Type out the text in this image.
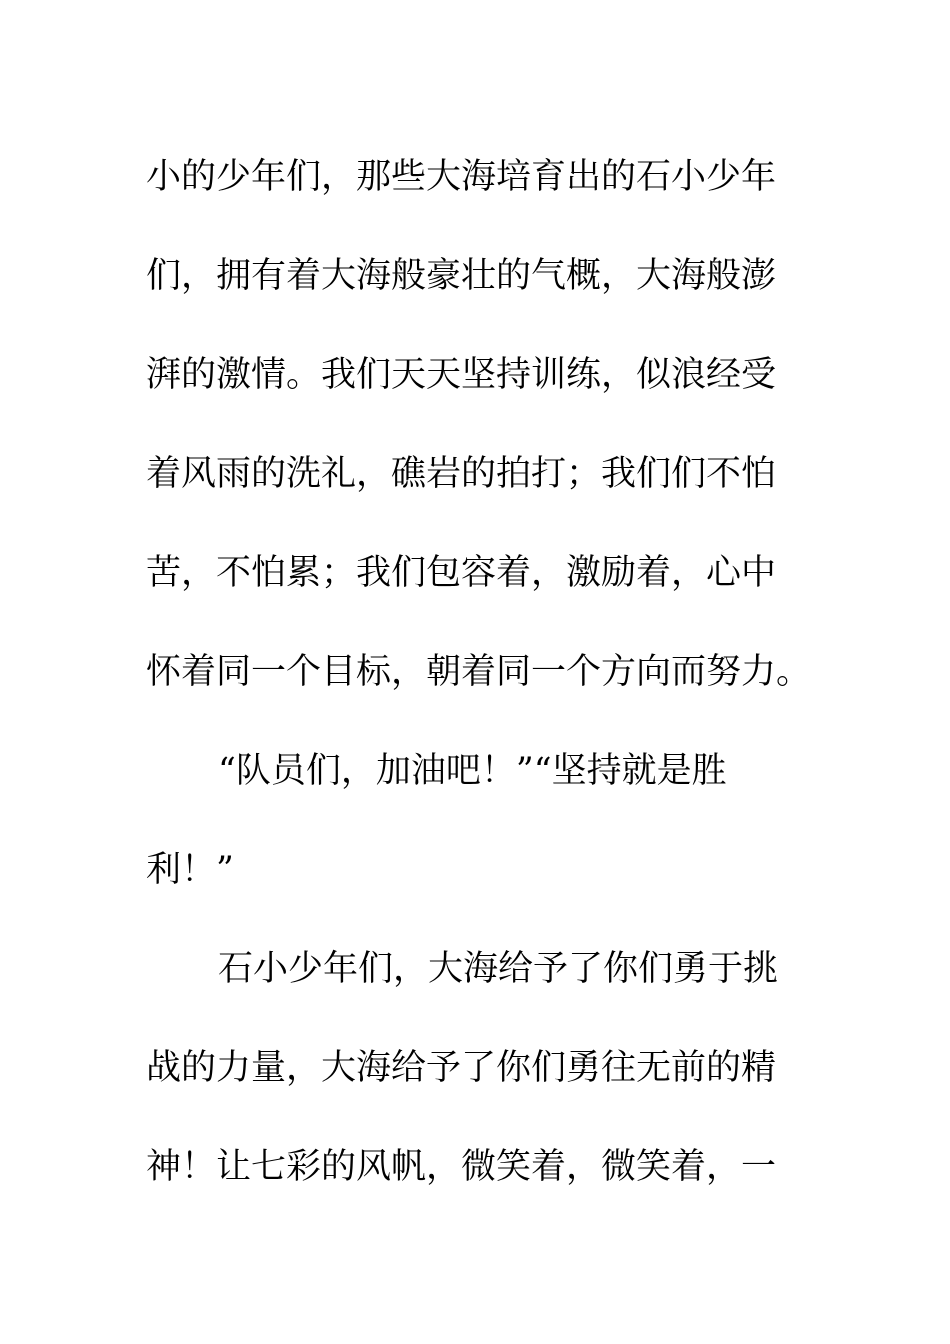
小的少年们，那些大海培育出的石小少年
们，拥有着大海般豪壮的气概，大海般澎
湃的激情。我们天天坚持训练，似浪经受
着风雨的洗礼，礁岩的拍打；我们们不怕
苦，不怕累；我们包容着，激励着，心中
怀着同一个目标，朝着同一个方向而努力。
“队员们，加油吧！”“坚持就是胜
利！”
石小少年们，大海给予了你们勇于挑
战的力量，大海给予了你们勇往无前的精
神！让七彩的风帆，微笑着，微笑着，一
